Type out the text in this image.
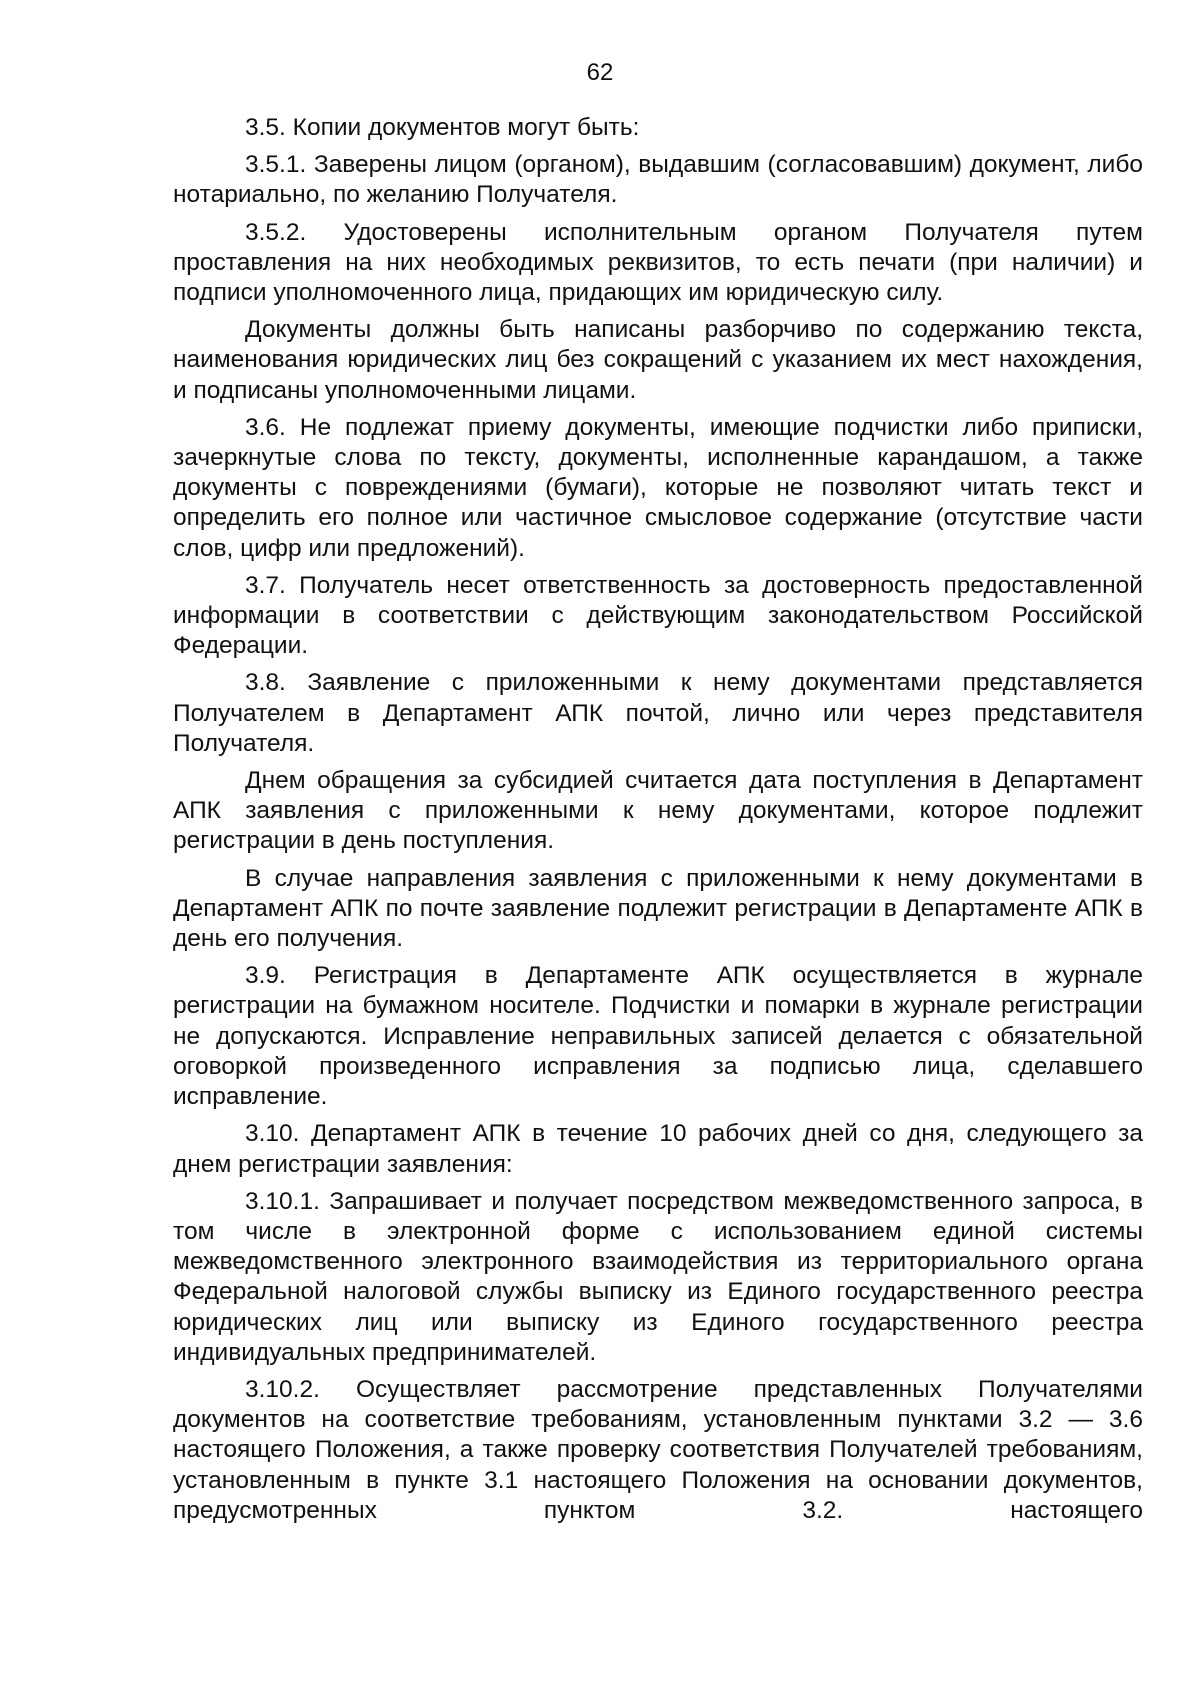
62

3.5. Копии документов могут быть:

3.5.1. Заверены лицом (органом), выдавшим (согласовавшим) документ, либо нотариально, по желанию Получателя.

3.5.2. Удостоверены исполнительным органом Получателя путем проставления на них необходимых реквизитов, то есть печати (при наличии) и подписи уполномоченного лица, придающих им юридическую силу.

Документы должны быть написаны разборчиво по содержанию текста, наименования юридических лиц без сокращений с указанием их мест нахождения, и подписаны уполномоченными лицами.

3.6. Не подлежат приему документы, имеющие подчистки либо приписки, зачеркнутые слова по тексту, документы, исполненные карандашом, а также документы с повреждениями (бумаги), которые не позволяют читать текст и определить его полное или частичное смысловое содержание (отсутствие части слов, цифр или предложений).

3.7. Получатель несет ответственность за достоверность предоставленной информации в соответствии с действующим законодательством Российской Федерации.

3.8. Заявление с приложенными к нему документами представляется Получателем в Департамент АПК почтой, лично или через представителя Получателя.

Днем обращения за субсидией считается дата поступления в Департамент АПК заявления с приложенными к нему документами, которое подлежит регистрации в день поступления.

В случае направления заявления с приложенными к нему документами в Департамент АПК по почте заявление подлежит регистрации в Департаменте АПК в день его получения.

3.9. Регистрация в Департаменте АПК осуществляется в журнале регистрации на бумажном носителе. Подчистки и помарки в журнале регистрации не допускаются. Исправление неправильных записей делается с обязательной оговоркой произведенного исправления за подписью лица, сделавшего исправление.

3.10. Департамент АПК в течение 10 рабочих дней со дня, следующего за днем регистрации заявления:

3.10.1. Запрашивает и получает посредством межведомственного запроса, в том числе в электронной форме с использованием единой системы межведомственного электронного взаимодействия из территориального органа Федеральной налоговой службы выписку из Единого государственного реестра юридических лиц или выписку из Единого государственного реестра индивидуальных предпринимателей.

3.10.2. Осуществляет рассмотрение представленных Получателями документов на соответствие требованиям, установленным пунктами 3.2 — 3.6 настоящего Положения, а также проверку соответствия Получателей требованиям, установленным в пункте 3.1 настоящего Положения на основании документов, предусмотренных пунктом 3.2. настоящего
